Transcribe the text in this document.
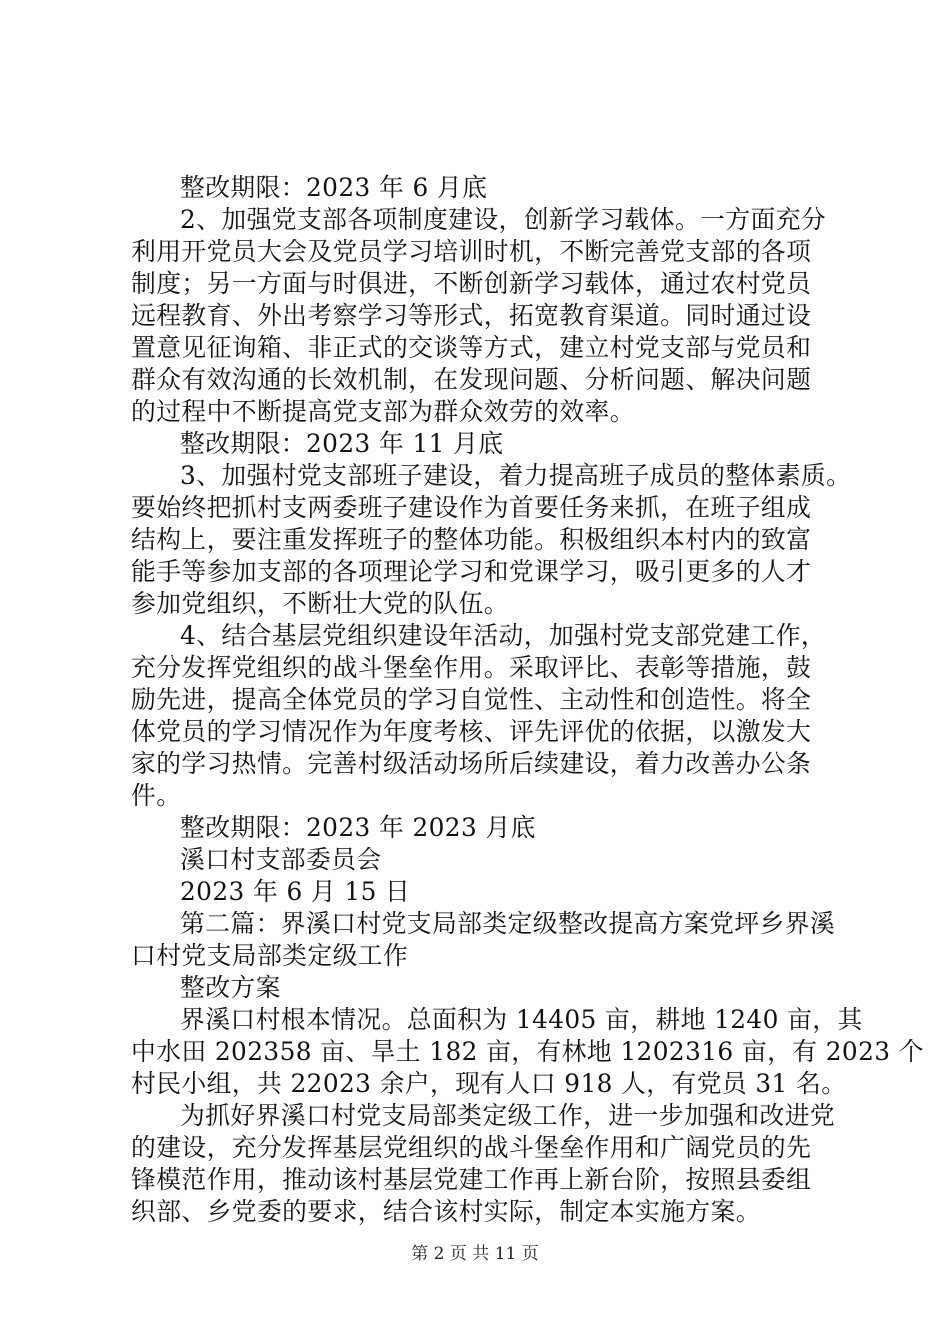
整改期限：2023 年 6 月底
2、加强党支部各项制度建设，创新学习载体。一方面充分
利用开党员大会及党员学习培训时机，不断完善党支部的各项
制度；另一方面与时俱进，不断创新学习载体，通过农村党员
远程教育、外出考察学习等形式，拓宽教育渠道。同时通过设
置意见征询箱、非正式的交谈等方式，建立村党支部与党员和
群众有效沟通的长效机制，在发现问题、分析问题、解决问题
的过程中不断提高党支部为群众效劳的效率。
整改期限：2023 年 11 月底
3、加强村党支部班子建设，着力提高班子成员的整体素质。
要始终把抓村支两委班子建设作为首要任务来抓，在班子组成
结构上，要注重发挥班子的整体功能。积极组织本村内的致富
能手等参加支部的各项理论学习和党课学习，吸引更多的人才
参加党组织，不断壮大党的队伍。
4、结合基层党组织建设年活动，加强村党支部党建工作，
充分发挥党组织的战斗堡垒作用。采取评比、表彰等措施，鼓
励先进，提高全体党员的学习自觉性、主动性和创造性。将全
体党员的学习情况作为年度考核、评先评优的依据，以激发大
家的学习热情。完善村级活动场所后续建设，着力改善办公条
件。
整改期限：2023 年 2023 月底
溪口村支部委员会
2023 年 6 月 15 日
第二篇：界溪口村党支局部类定级整改提高方案党坪乡界溪
口村党支局部类定级工作
整改方案
界溪口村根本情况。总面积为 14405 亩，耕地 1240 亩，其
中水田 202358 亩、旱土 182 亩，有林地 1202316 亩，有 2023 个
村民小组，共 22023 余户，现有人口 918 人，有党员 31 名。
为抓好界溪口村党支局部类定级工作，进一步加强和改进党
的建设，充分发挥基层党组织的战斗堡垒作用和广阔党员的先
锋模范作用，推动该村基层党建工作再上新台阶，按照县委组
织部、乡党委的要求，结合该村实际，制定本实施方案。
第 2 页 共 11 页
